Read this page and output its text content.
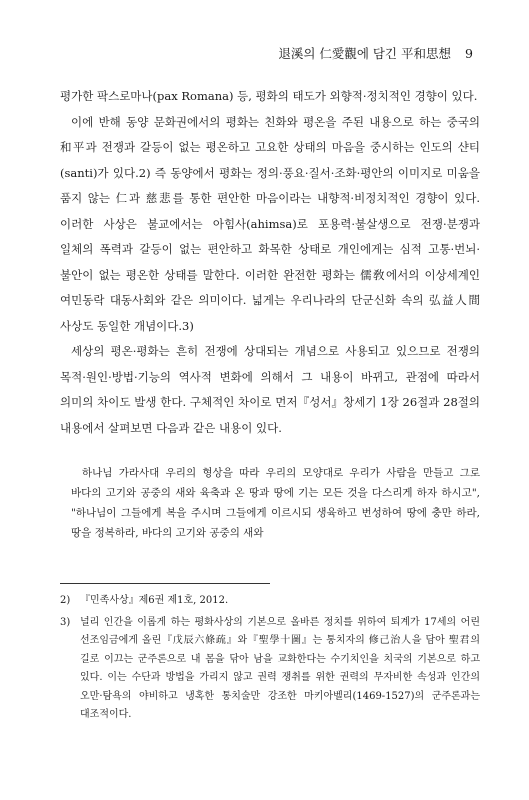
退溪의 仁愛觀에 담긴 平和思想 9

평가한 팍스로마나(pax Romana) 등, 평화의 태도가 외향적·정치적인 경향이 있다.

이에 반해 동양 문화권에서의 평화는 친화와 평온을 주된 내용으로 하는 중국의 和平과 전쟁과 갈등이 없는 평온하고 고요한 상태의 마음을 중시하는 인도의 샨티(santi)가 있다.2) 즉 동양에서 평화는 정의·풍요·질서·조화·평안의 이미지로 미움을 품지 않는 仁과 慈悲를 통한 편안한 마음이라는 내향적·비정치적인 경향이 있다. 이러한 사상은 불교에서는 아힘사(ahimsa)로 포용력·불살생으로 전쟁·분쟁과 일체의 폭력과 갈등이 없는 편안하고 화목한 상태로 개인에게는 심적 고통·번뇌·불안이 없는 평온한 상태를 말한다. 이러한 완전한 평화는 儒敎에서의 이상세계인 여민동락 대동사회와 같은 의미이다. 넓게는 우리나라의 단군신화 속의 弘益人間 사상도 동일한 개념이다.3)

세상의 평온·평화는 흔히 전쟁에 상대되는 개념으로 사용되고 있으므로 전쟁의 목적·원인·방법·기능의 역사적 변화에 의해서 그 내용이 바뀌고, 관점에 따라서 의미의 차이도 발생 한다. 구체적인 차이로 먼저『성서』창세기 1장 26절과 28절의 내용에서 살펴보면 다음과 같은 내용이 있다.

하나님 가라사대 우리의 형상을 따라 우리의 모양대로 우리가 사람을 만들고 그로 바다의 고기와 공중의 새와 육축과 온 땅과 땅에 기는 모든 것을 다스리게 하자 하시고", "하나님이 그들에게 복을 주시며 그들에게 이르시되 생육하고 번성하여 땅에 충만 하라, 땅을 정복하라, 바다의 고기와 공중의 새와

2) 『민족사상』제6권 제1호, 2012.

3) 널리 인간을 이롭게 하는 평화사상의 기본으로 올바른 정치를 위하여 퇴계가 17세의 어린 선조임금에게 올린『戊辰六條疏』와『聖學十圖』는 통치자의 修己治人을 담아 聖君의 길로 이끄는 군주론으로 내 몸을 닦아 남을 교화한다는 수기치인을 치국의 기본으로 하고 있다. 이는 수단과 방법을 가리지 않고 권력 쟁취를 위한 권력의 무자비한 속성과 인간의 오만·탐욕의 야비하고 냉혹한 통치술만 강조한 마키아벨리(1469-1527)의 군주론과는 대조적이다.
